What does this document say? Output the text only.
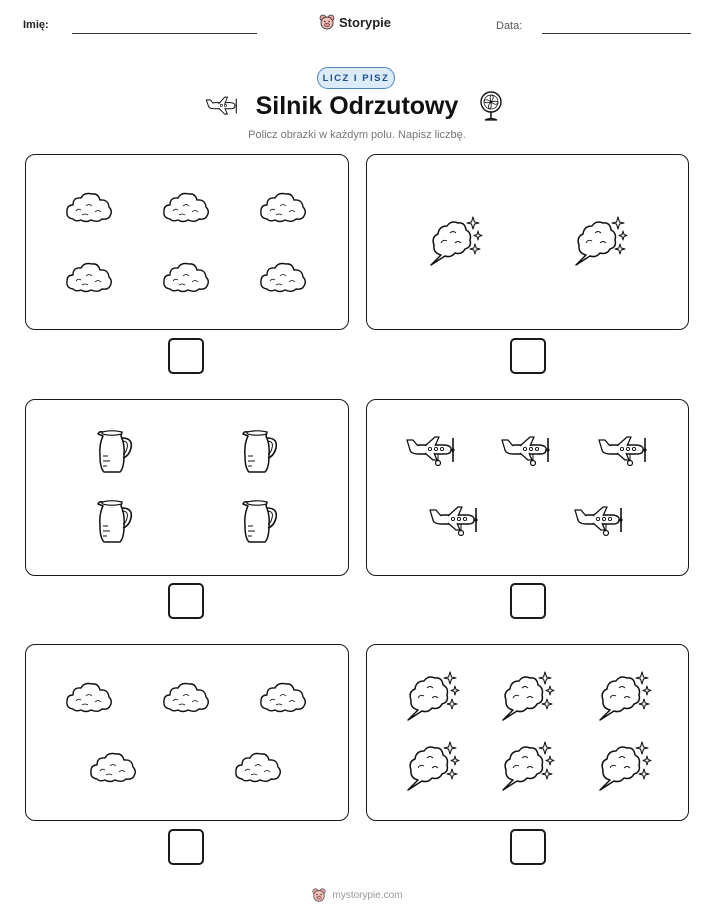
Imię:	Storypie	Data:
LICZ I PISZ
Silnik Odrzutowy
Policz obrazki w każdym polu. Napisz liczbę.
mystorypie.com
